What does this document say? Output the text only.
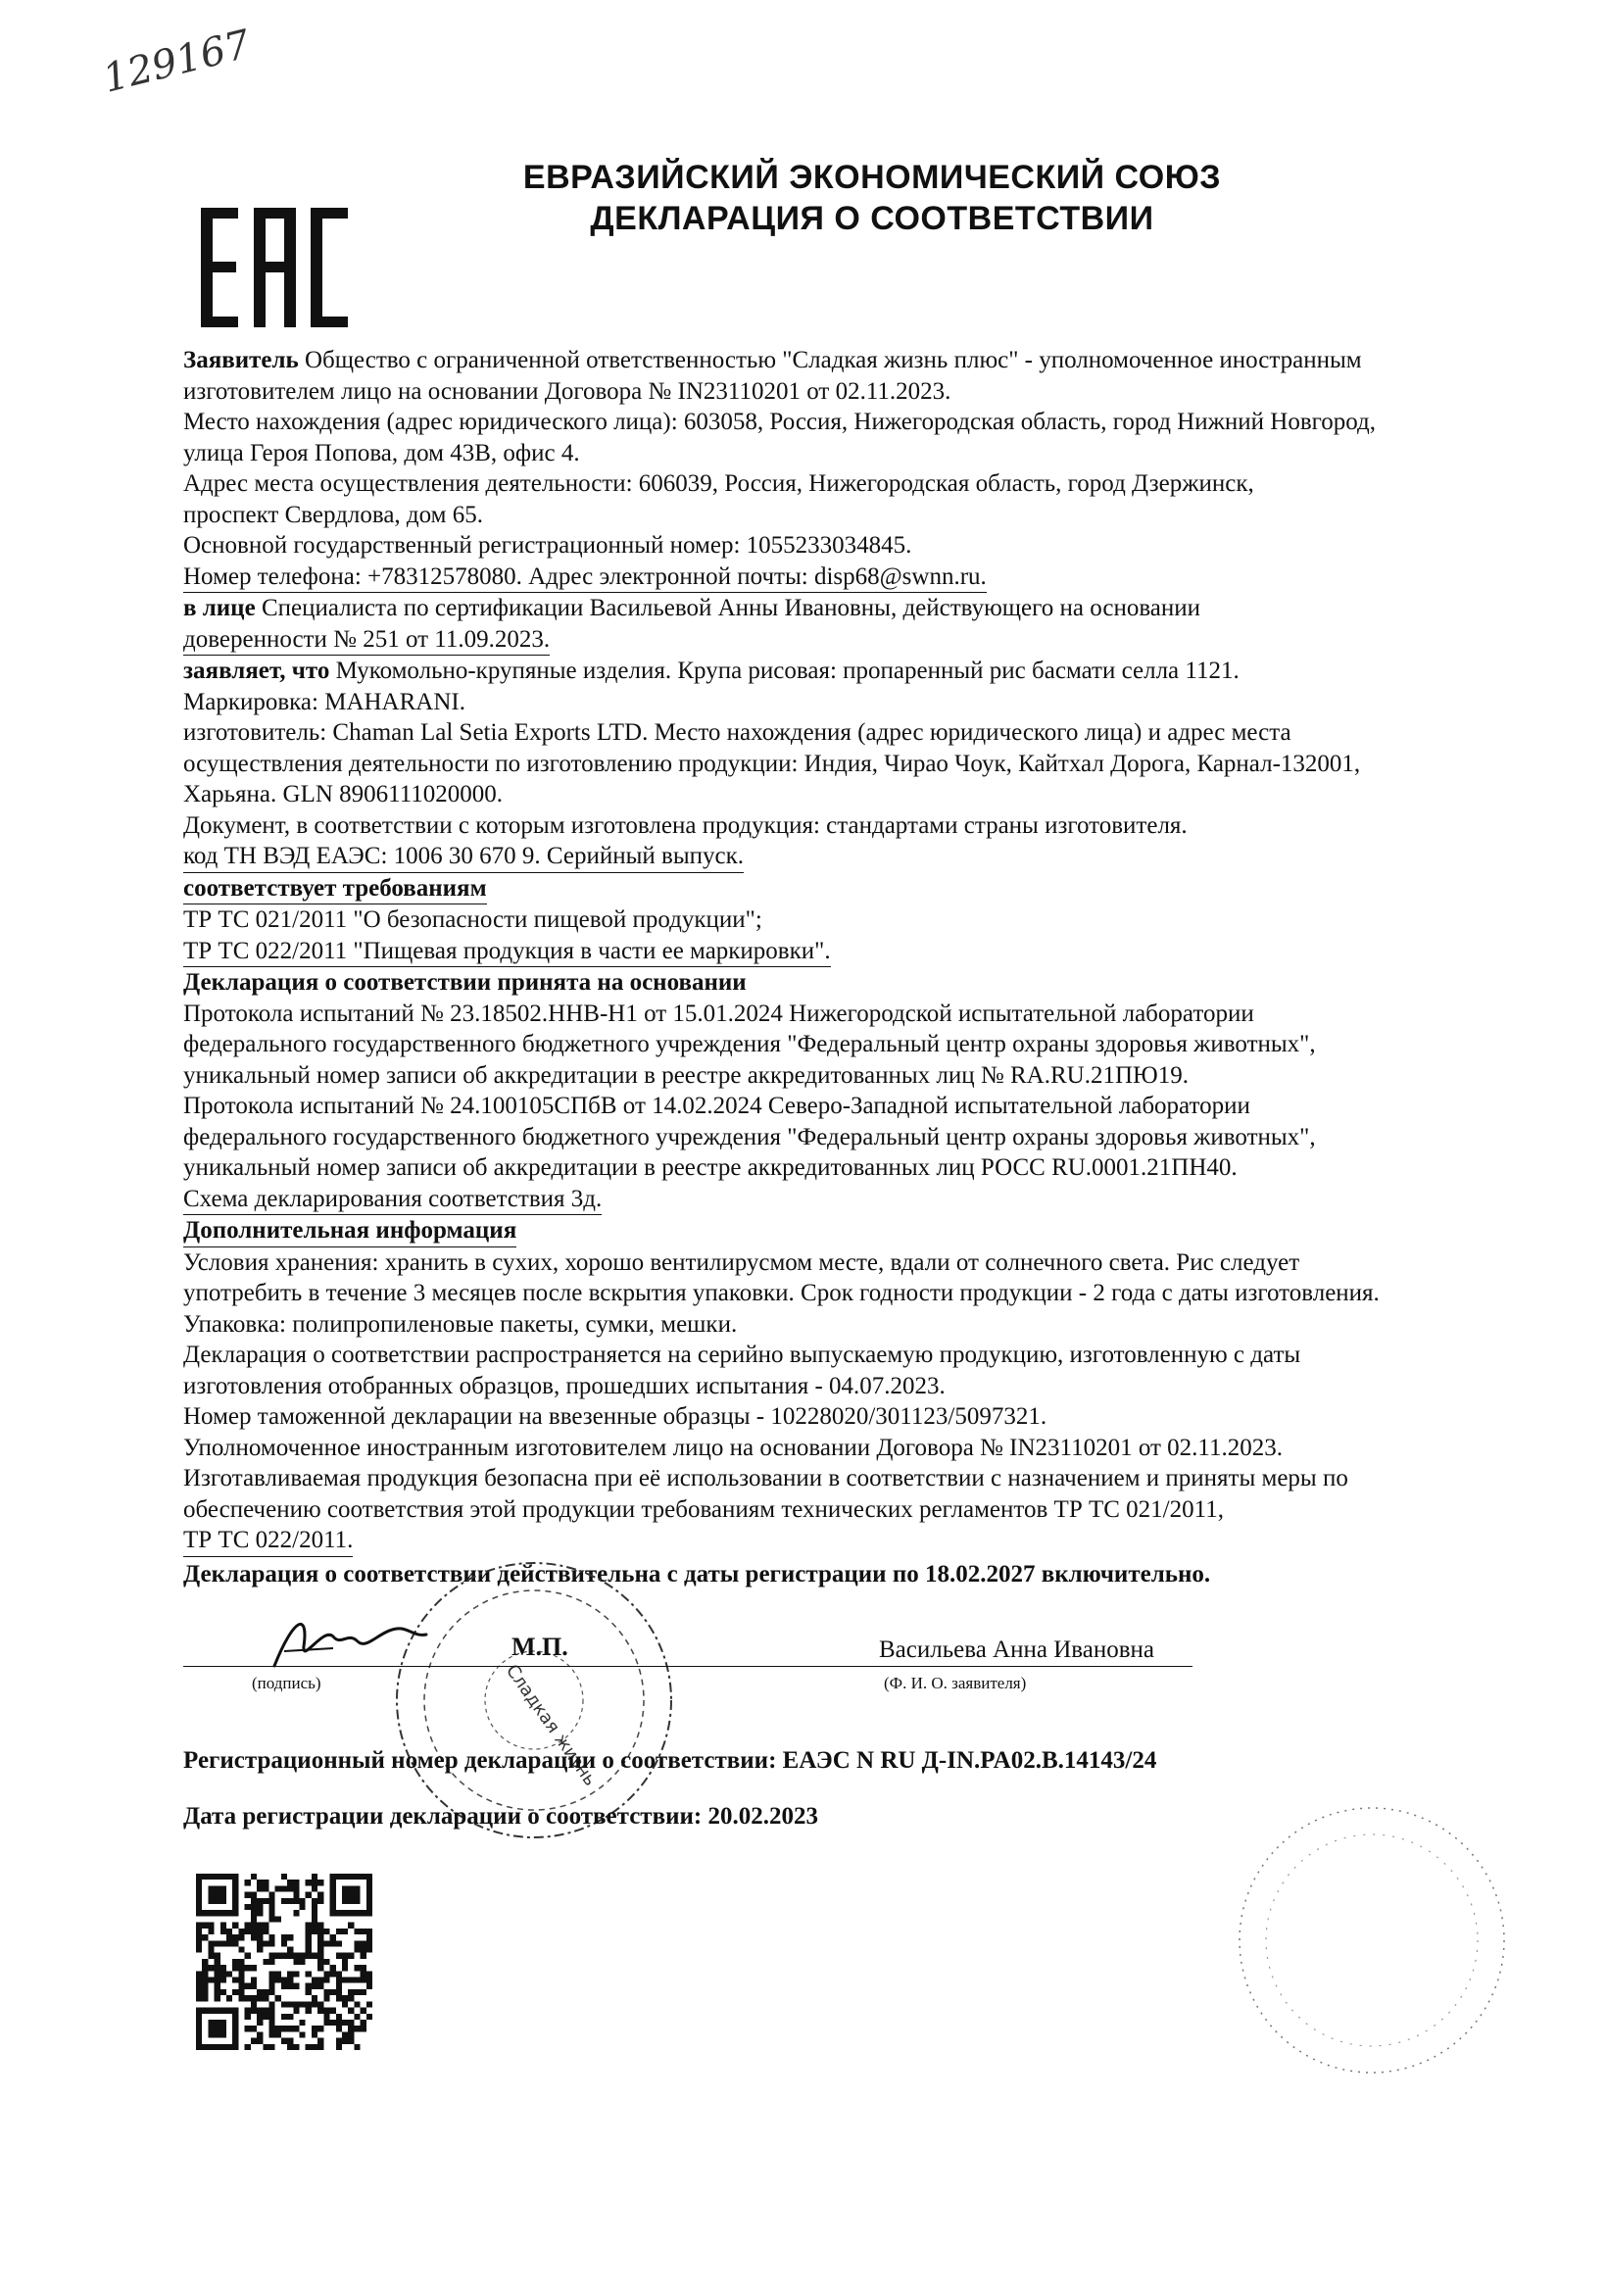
129167
ЕВРАЗИЙСКИЙ ЭКОНОМИЧЕСКИЙ СОЮЗ
ДЕКЛАРАЦИЯ О СООТВЕТСТВИИ

Заявитель Общество с ограниченной ответственностью "Сладкая жизнь плюс" - уполномоченное иностранным

изготовителем лицо на основании Договора № IN23110201 от 02.11.2023.

Место нахождения (адрес юридического лица): 603058, Россия, Нижегородская область, город Нижний Новгород,

улица Героя Попова, дом 43В, офис 4.

Адрес места осуществления деятельности: 606039, Россия, Нижегородская область, город Дзержинск,

проспект Свердлова, дом 65.

Основной государственный регистрационный номер: 1055233034845.

Номер телефона: +78312578080. Адрес электронной почты: disp68@swnn.ru.

в лице Специалиста по сертификации Васильевой Анны Ивановны, действующего на основании

доверенности № 251 от 11.09.2023.

заявляет, что Мукомольно-крупяные изделия. Крупа рисовая: пропаренный рис басмати селла 1121.

Маркировка: MAHARANI.

изготовитель: Chaman Lal Setia Exports LTD. Место нахождения (адрес юридического лица) и адрес места

осуществления деятельности по изготовлению продукции: Индия, Чирао Чоук, Кайтхал Дорога, Карнал-132001,

Харьяна. GLN 8906111020000.

Документ, в соответствии с которым изготовлена продукция: стандартами страны изготовителя.

код ТН ВЭД ЕАЭС: 1006 30 670 9. Серийный выпуск.

соответствует требованиям

ТР ТС 021/2011 "О безопасности пищевой продукции";

ТР ТС 022/2011 "Пищевая продукция в части ее маркировки".

Декларация о соответствии принята на основании

Протокола испытаний № 23.18502.ННВ-Н1 от 15.01.2024 Нижегородской испытательной лаборатории

федерального государственного бюджетного учреждения "Федеральный центр охраны здоровья животных",

уникальный номер записи об аккредитации в реестре аккредитованных лиц № RA.RU.21ПЮ19.

Протокола испытаний № 24.100105СПбВ от 14.02.2024 Северо-Западной испытательной лаборатории

федерального государственного бюджетного учреждения "Федеральный центр охраны здоровья животных",

уникальный номер записи об аккредитации в реестре аккредитованных лиц РОСС RU.0001.21ПН40.

Схема декларирования соответствия 3д.

Дополнительная информация

Условия хранения: хранить в сухих, хорошо вентилирусмом месте, вдали от солнечного света. Рис следует

употребить в течение 3 месяцев после вскрытия упаковки. Срок годности продукции - 2 года с даты изготовления.

Упаковка: полипропиленовые пакеты, сумки, мешки.

Декларация о соответствии распространяется на серийно выпускаемую продукцию, изготовленную с даты

изготовления отобранных образцов, прошедших испытания - 04.07.2023.

Номер таможенной декларации на ввезенные образцы - 10228020/301123/5097321.

Уполномоченное иностранным изготовителем лицо на основании Договора № IN23110201 от 02.11.2023.

Изготавливаемая продукция безопасна при её использовании в соответствии с назначением и приняты меры по

обеспечению соответствия этой продукции требованиям технических регламентов ТР ТС 021/2011,

ТР ТС 022/2011.

Декларация о соответствии действительна с даты регистрации по 18.02.2027 включительно.

Сладкая жизнь
М.П.	Васильева Анна Ивановна
(подпись)	(Ф. И. О. заявителя)
Регистрационный номер декларации о соответствии: ЕАЭС N RU Д-IN.PA02.B.14143/24
Дата регистрации декларации о соответствии: 20.02.2023
